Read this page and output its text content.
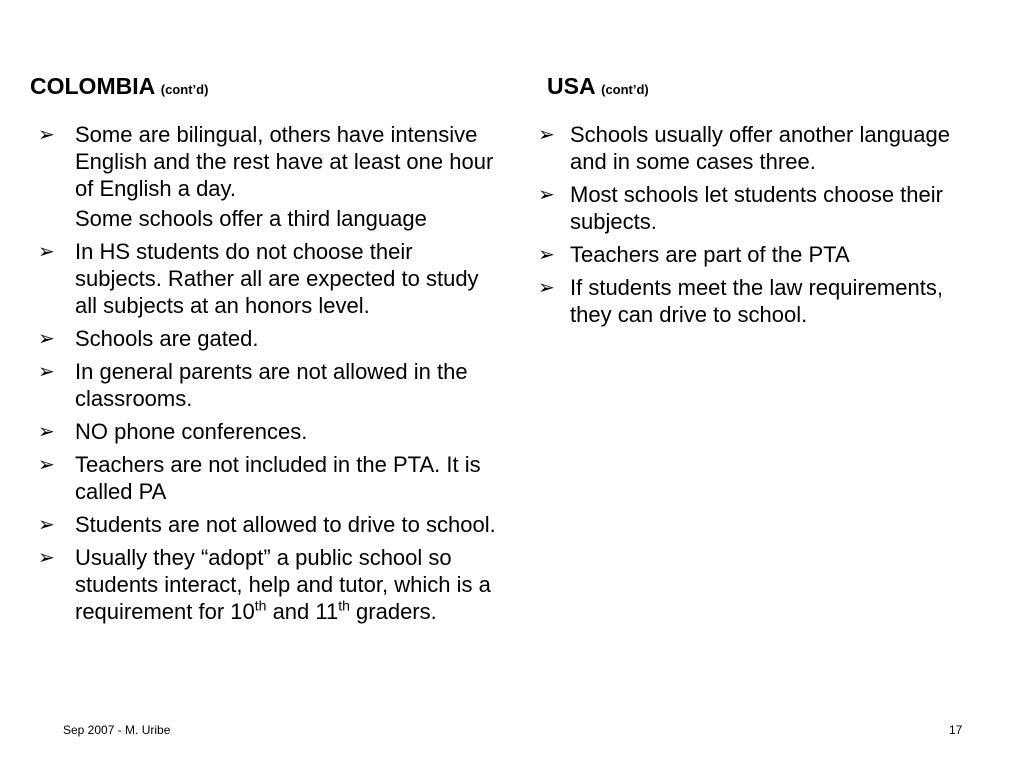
COLOMBIA (cont’d)
➢ Some are bilingual, others have intensive English and the rest have at least one hour of English a day.
Some schools offer a third language
➢ In HS students do not choose their subjects. Rather all are expected to study all subjects at an honors level.
➢ Schools are gated.
➢ In general parents are not allowed in the classrooms.
➢ NO phone conferences.
➢ Teachers are not included in the PTA. It is called PA
➢ Students are not allowed to drive to school.
➢ Usually they “adopt” a public school so students interact, help and tutor, which is a requirement for 10th and 11th graders.
USA (cont’d)
➢ Schools usually offer another language and in some cases three.
➢ Most schools let students choose their subjects.
➢ Teachers are part of the PTA
➢ If students meet the law requirements, they can drive to school.
Sep 2007 - M. Uribe	17
